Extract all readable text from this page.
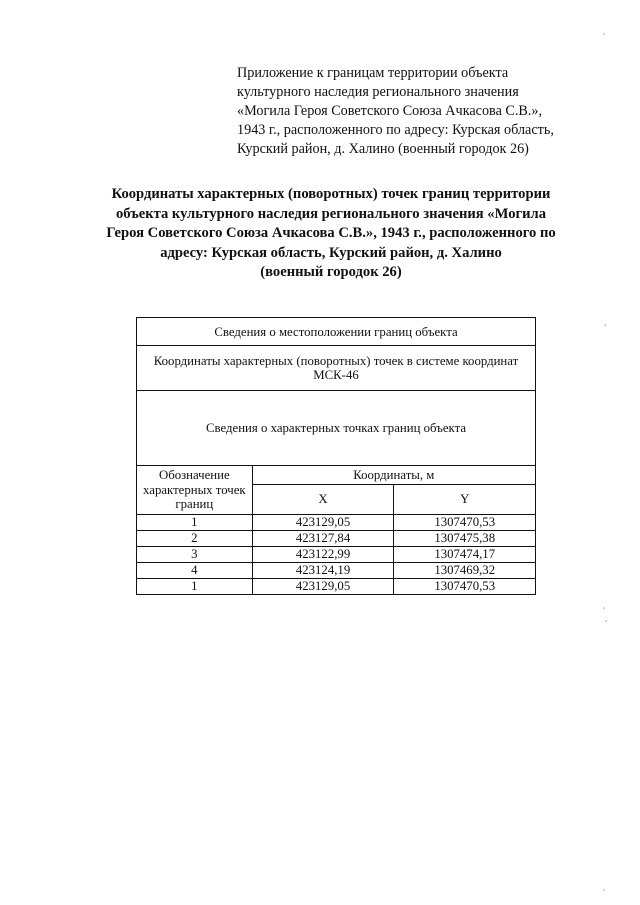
Приложение к границам территории объекта
культурного наследия регионального значения
«Могила Героя Советского Союза Ачкасова С.В.»,
1943 г., расположенного по адресу: Курская область,
Курский район, д. Халино (военный городок 26)
Координаты характерных (поворотных) точек границ территории
объекта культурного наследия регионального значения «Могила
Героя Советского Союза Ачкасова С.В.», 1943 г., расположенного по
адресу: Курская область, Курский район, д. Халино
(военный городок 26)
Сведения о местоположении границ объекта		
Координаты характерных (поворотных) точек в системе координат
МСК-46		
Сведения о характерных точках границ объекта		
Обозначение
характерных точек
границ	Координаты, м	
	X	Y
1	423129,05	1307470,53
2	423127,84	1307475,38
3	423122,99	1307474,17
4	423124,19	1307469,32
1	423129,05	1307470,53
ʻ
ʻ
ʻ
ʻ
ʻ
